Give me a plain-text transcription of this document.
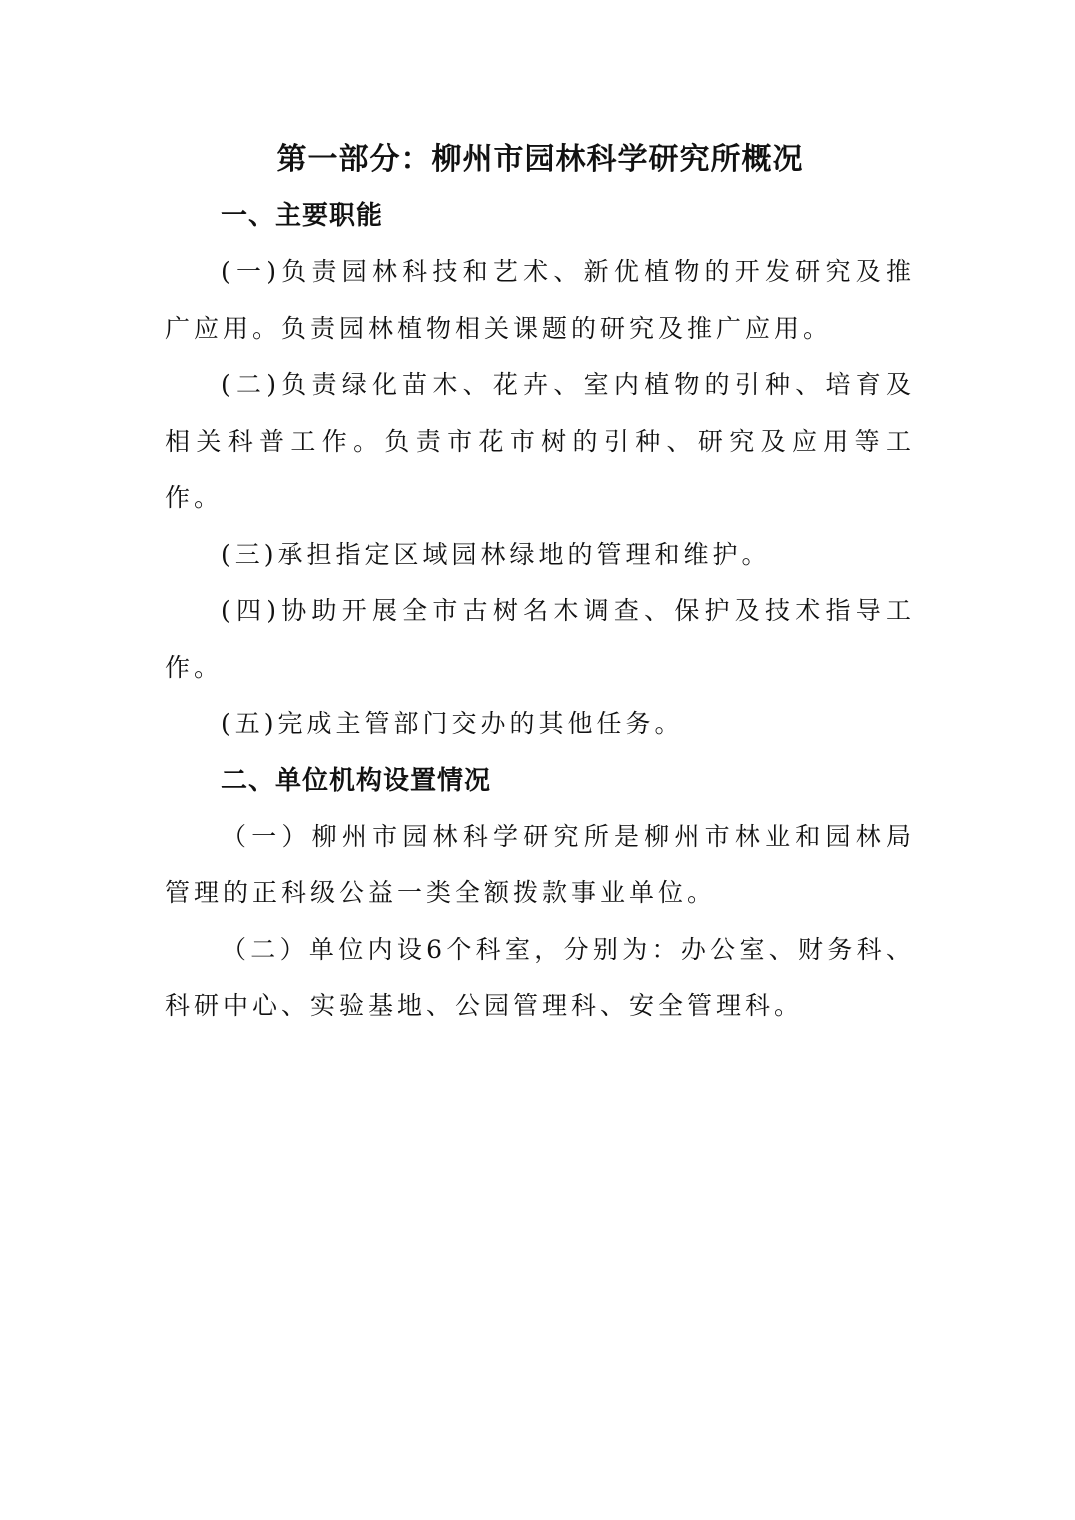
第一部分：柳州市园林科学研究所概况
一、主要职能

(一)负责园林科技和艺术、新优植物的开发研究及推广应用。负责园林植物相关课题的研究及推广应用。

(二)负责绿化苗木、花卉、室内植物的引种、培育及相关科普工作。负责市花市树的引种、研究及应用等工作。

(三)承担指定区域园林绿地的管理和维护。

(四)协助开展全市古树名木调查、保护及技术指导工作。

(五)完成主管部门交办的其他任务。

二、单位机构设置情况

（一）柳州市园林科学研究所是柳州市林业和园林局管理的正科级公益一类全额拨款事业单位。

（二）单位内设6个科室，分别为：办公室、财务科、科研中心、实验基地、公园管理科、安全管理科。
